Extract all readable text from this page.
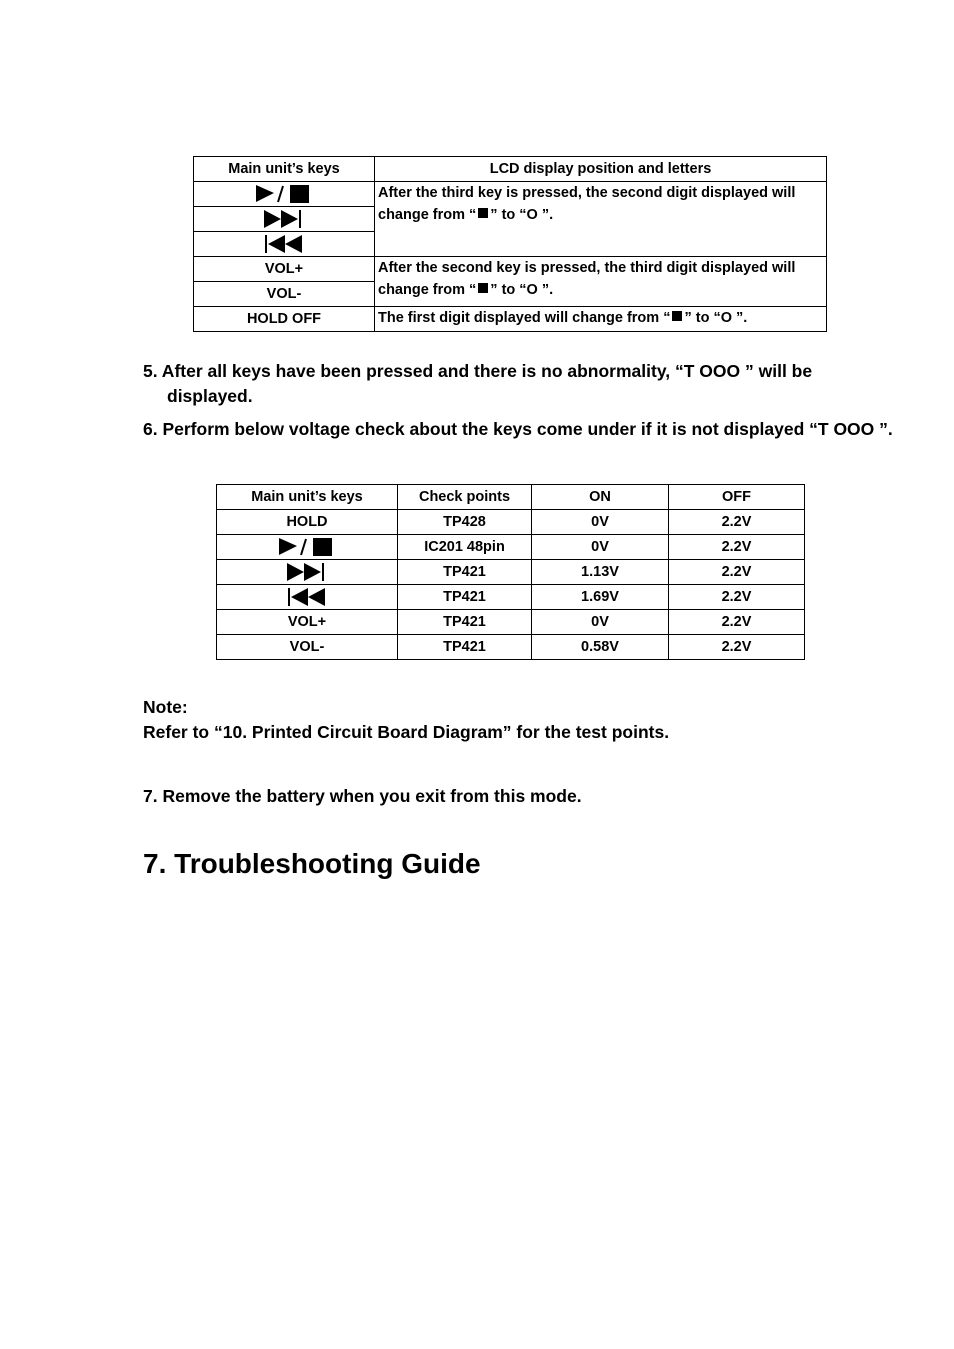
Main unit’s keys	LCD display position and letters

	After the third key is pressed, the second digit displayed will change from “ ” to “O ”.

VOL+	After the second key is pressed, the third digit displayed will change from “ ” to “O ”.
VOL-	
HOLD OFF	The first digit displayed will change from “ ” to “O ”.

5. After all keys have been pressed and there is no abnormality, “T OOO ” will be displayed.

6. Perform below voltage check about the keys come under if it is not displayed “T OOO ”.

Main unit’s keys	Check points	ON	OFF
HOLD	TP428	0V	2.2V

	IC201 48pin	0V	2.2V

	TP421	1.13V	2.2V

	TP421	1.69V	2.2V
VOL+	TP421	0V	2.2V
VOL-	TP421	0.58V	2.2V

Note:

Refer to “10. Printed Circuit Board Diagram” for the test points.

7. Remove the battery when you exit from this mode.

7. Troubleshooting Guide
